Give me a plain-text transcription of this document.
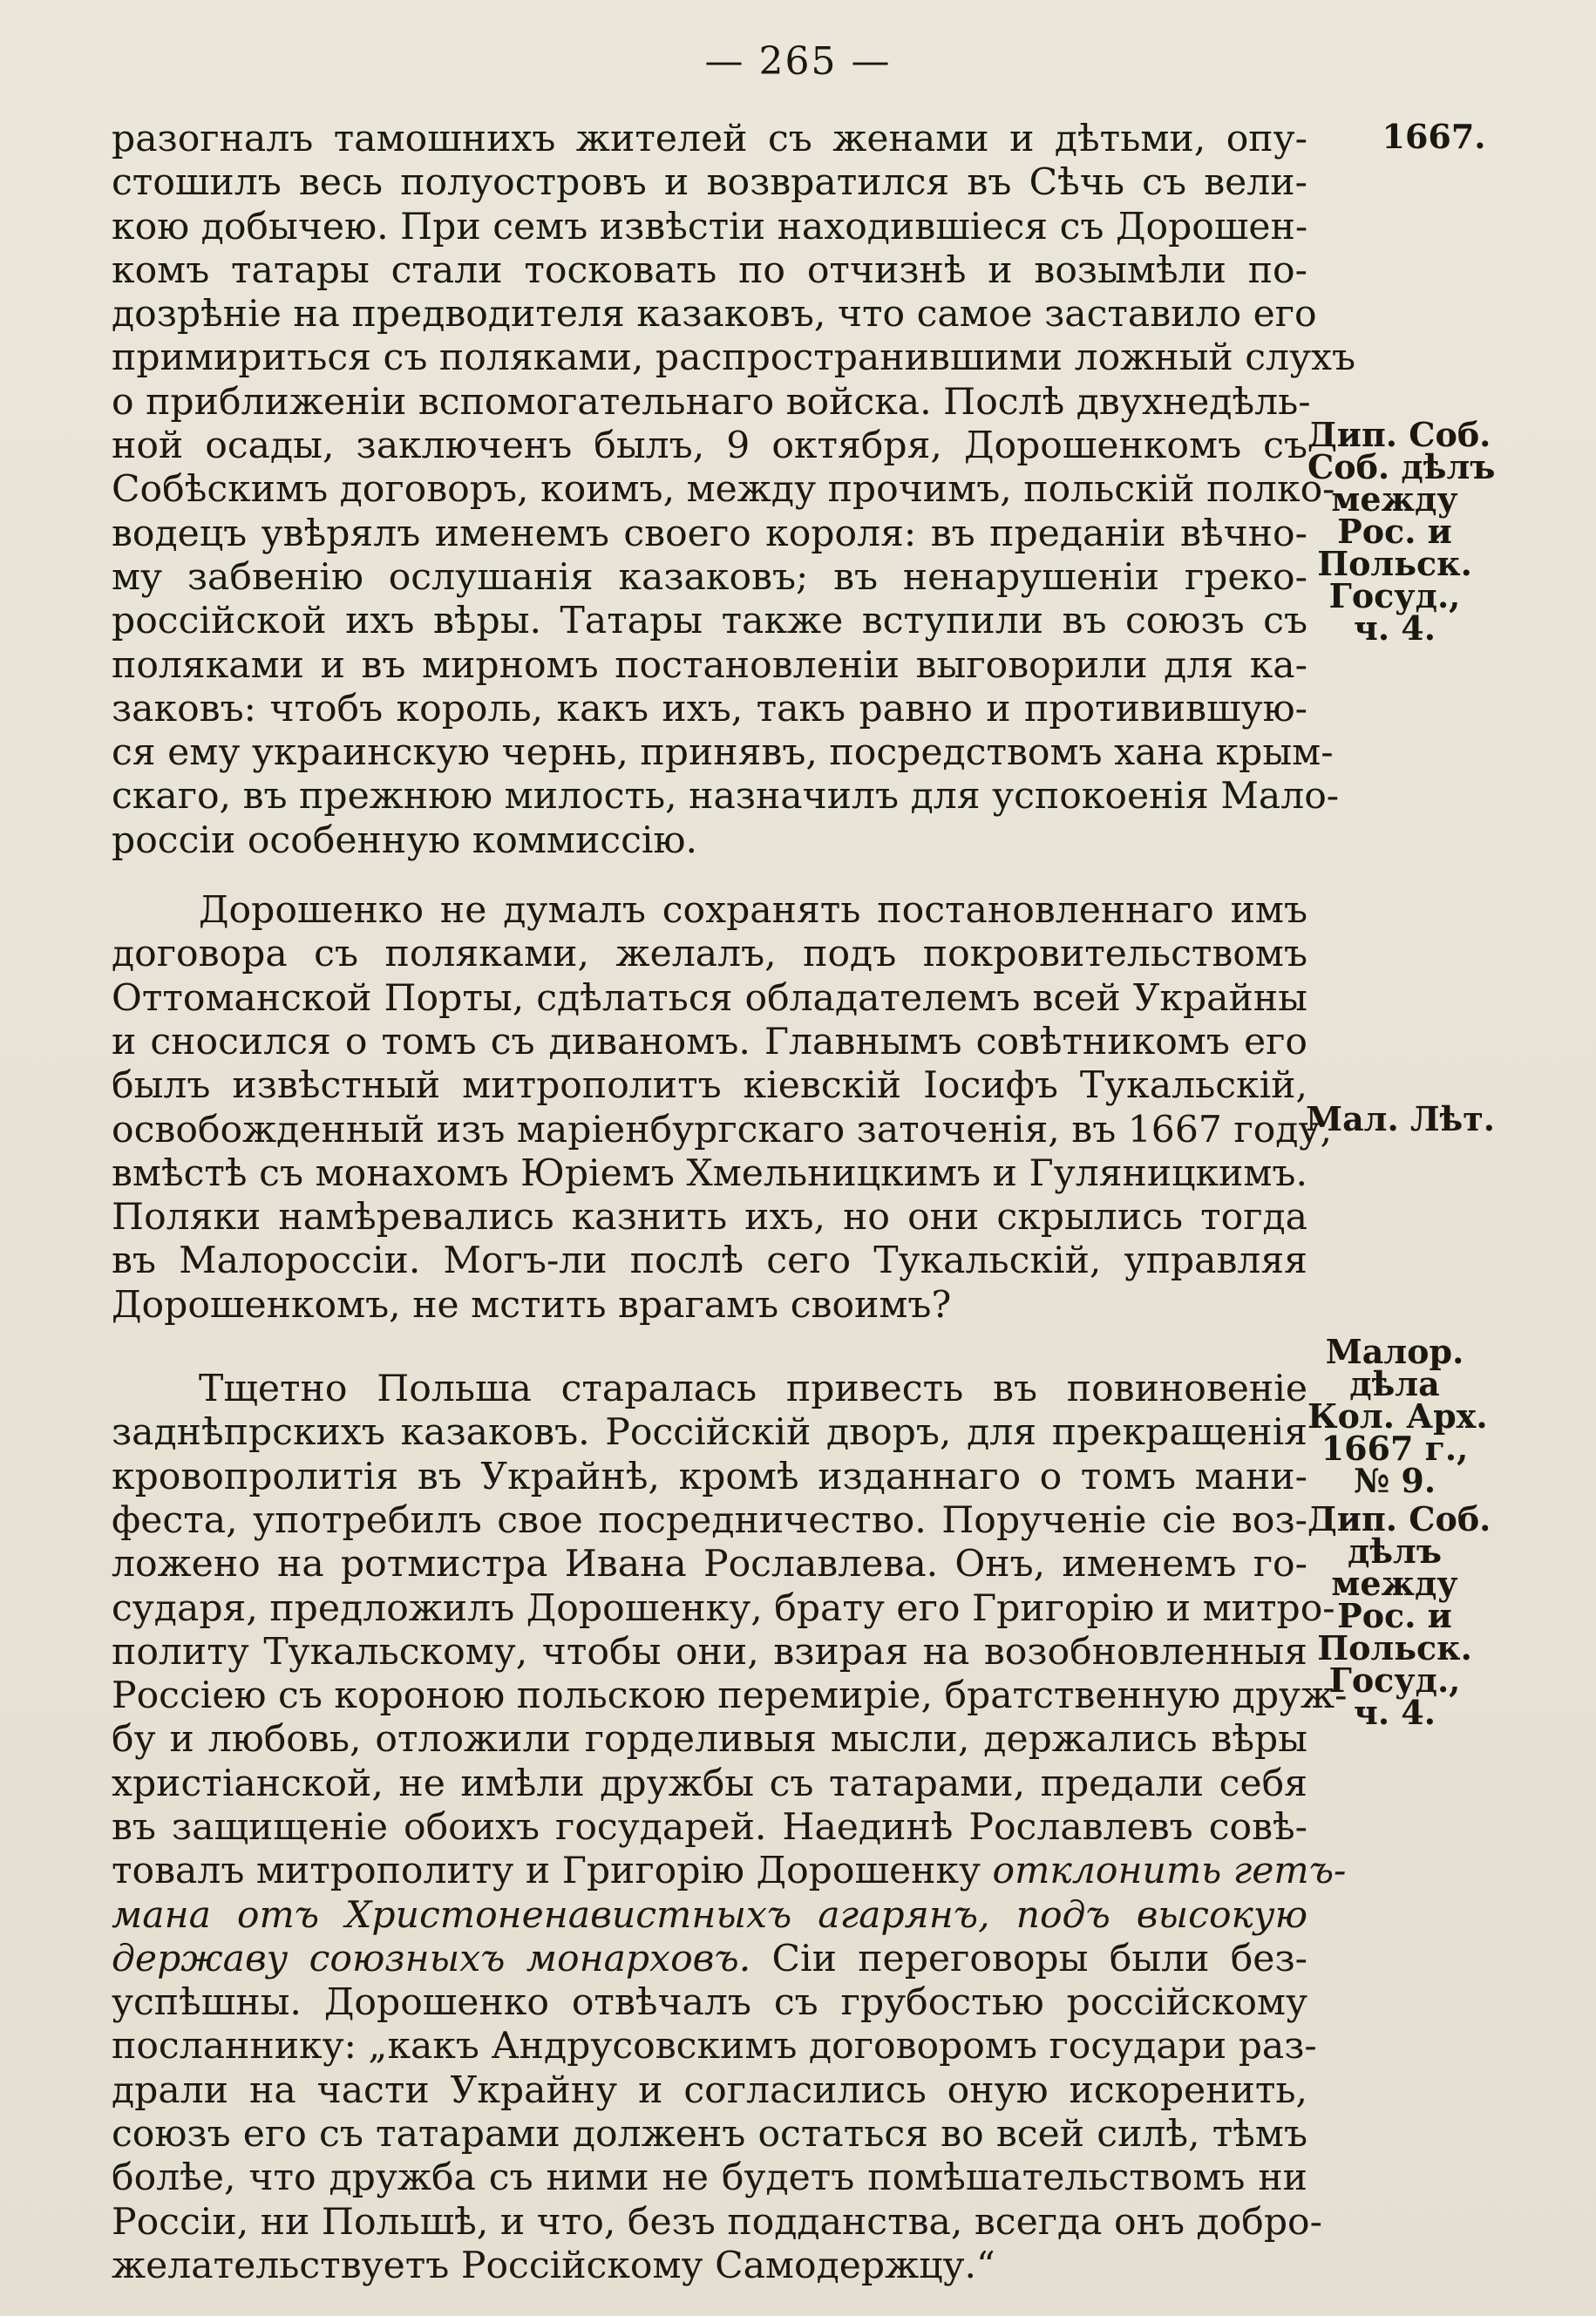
— 265 —
разогналъ тамошнихъ жителей съ женами и дѣтьми, опу-
стошилъ весь полуостровъ и возвратился въ Сѣчь съ вели-
кою добычею. При семъ извѣстіи находившіеся съ Дорошен-
комъ татары стали тосковать по отчизнѣ и возымѣли по-
дозрѣніе на предводителя казаковъ, что самое заставило его
примириться съ поляками, распространившими ложный слухъ
о приближеніи вспомогательнаго войска. Послѣ двухнедѣль-
ной осады, заключенъ былъ, 9 октября, Дорошенкомъ съ
Собѣскимъ договоръ, коимъ, между прочимъ, польскій полко-
водецъ увѣрялъ именемъ своего короля: въ преданіи вѣчно-
му забвенію ослушанія казаковъ; въ ненарушеніи греко-
россійской ихъ вѣры. Татары также вступили въ союзъ съ
поляками и въ мирномъ постановленіи выговорили для ка-
заковъ: чтобъ король, какъ ихъ, такъ равно и противившую-
ся ему украинскую чернь, принявъ, посредствомъ хана крым-
скаго, въ прежнюю милость, назначилъ для успокоенія Мало-
россіи особенную коммиссію.
Дорошенко не думалъ сохранять постановленнаго имъ
договора съ поляками, желалъ, подъ покровительствомъ
Оттоманской Порты, сдѣлаться обладателемъ всей Украйны
и сносился о томъ съ диваномъ. Главнымъ совѣтникомъ его
былъ извѣстный митрополитъ кіевскій Іосифъ Тукальскій,
освобожденный изъ маріенбургскаго заточенія, въ 1667 году,
вмѣстѣ съ монахомъ Юріемъ Хмельницкимъ и Гуляницкимъ.
Поляки намѣревались казнить ихъ, но они скрылись тогда
въ Малороссіи. Могъ-ли послѣ сего Тукальскій, управляя
Дорошенкомъ, не мстить врагамъ своимъ?
Тщетно Польша старалась привесть въ повиновеніе
заднѣпрскихъ казаковъ. Россійскій дворъ, для прекращенія
кровопролитія въ Украйнѣ, кромѣ изданнаго о томъ мани-
феста, употребилъ свое посредничество. Порученіе сіе воз-
ложено на ротмистра Ивана Рославлева. Онъ, именемъ го-
сударя, предложилъ Дорошенку, брату его Григорію и митро-
политу Тукальскому, чтобы они, взирая на возобновленныя
Россіею съ короною польскою перемиріе, братственную друж-
бу и любовь, отложили горделивыя мысли, держались вѣры
христіанской, не имѣли дружбы съ татарами, предали себя
въ защищеніе обоихъ государей. Наединѣ Рославлевъ совѣ-
товалъ митрополиту и Григорію Дорошенку отклонить гетъ-
мана отъ Христоненавистныхъ агарянъ, подъ высокую
державу союзныхъ монарховъ. Сіи переговоры были без-
успѣшны. Дорошенко отвѣчалъ съ грубостью россійскому
посланнику: „какъ Андрусовскимъ договоромъ государи раз-
драли на части Украйну и согласились оную искоренить,
союзъ его съ татарами долженъ остаться во всей силѣ, тѣмъ
болѣе, что дружба съ ними не будетъ помѣшательствомъ ни
Россіи, ни Польшѣ, и что, безъ подданства, всегда онъ добро-
желательствуетъ Россійскому Самодержцу.“
1667.
Дип. Соб.
Соб. дѣлъ
между
Рос. и
Польск.
Госуд.,
ч. 4.
Мал. Лѣт.
Малор.
дѣла
Кол. Арх.
1667 г.,
№ 9.
Дип. Соб.
дѣлъ
между
Рос. и
Польск.
Госуд.,
ч. 4.
